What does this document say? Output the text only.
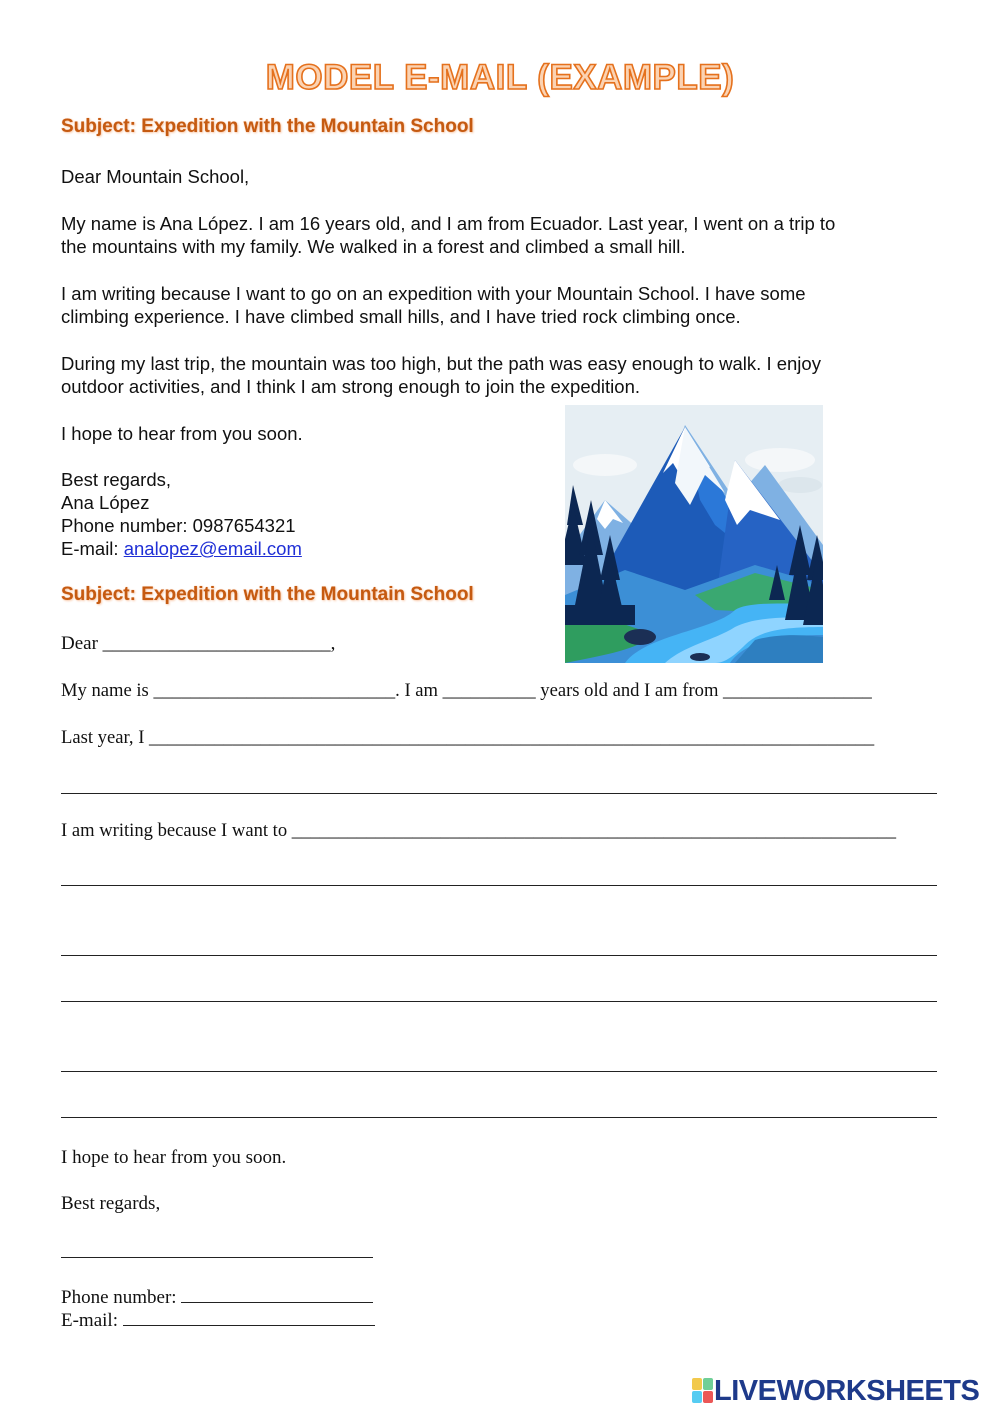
MODEL E-MAIL (EXAMPLE)
Subject: Expedition with the Mountain School
Dear Mountain School,
My name is Ana López. I am 16 years old, and I am from Ecuador. Last year, I went on a trip to
the mountains with my family. We walked in a forest and climbed a small hill.
I am writing because I want to go on an expedition with your Mountain School. I have some
climbing experience. I have climbed small hills, and I have tried rock climbing once.
During my last trip, the mountain was too high, but the path was easy enough to walk. I enjoy
outdoor activities, and I think I am strong enough to join the expedition.
I hope to hear from you soon.
Best regards,
Ana López
Phone number: 0987654321
E-mail: analopez@email.com
Subject: Expedition with the Mountain School
Dear ________________________,
My name is __________________________. I am __________ years old and I am from ________________
Last year, I ______________________________________________________________________________
I am writing because I want to _________________________________________________________________
I hope to hear from you soon.
Best regards,
Phone number:
E-mail:
LIVEWORKSHEETS
